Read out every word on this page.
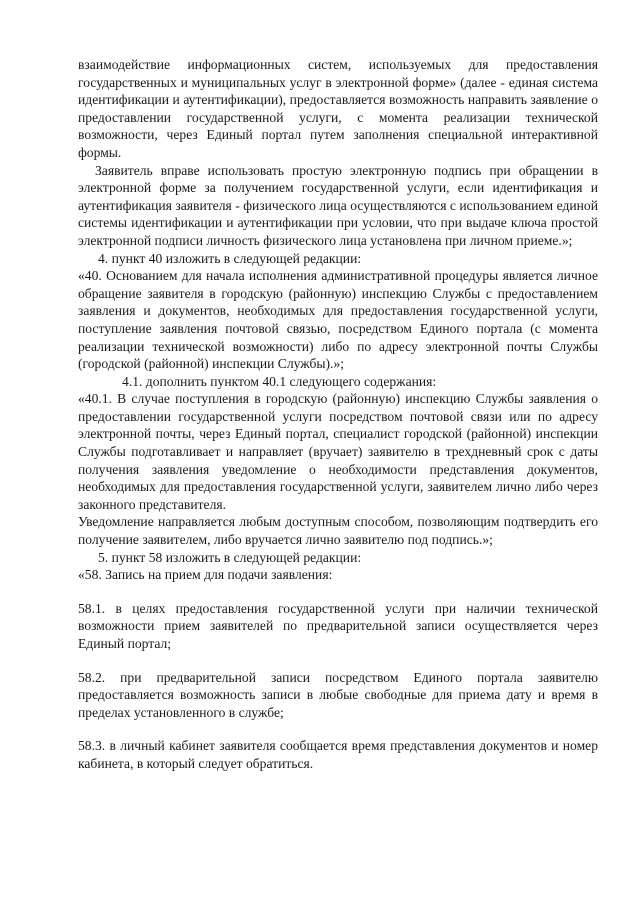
взаимодействие информационных систем, используемых для предоставления государственных и муниципальных услуг в электронной форме» (далее - единая система идентификации и аутентификации), предоставляется возможность направить заявление о предоставлении государственной услуги, с момента реализации технической возможности, через Единый портал путем заполнения специальной интерактивной формы.

Заявитель вправе использовать простую электронную подпись при обращении в электронной форме за получением государственной услуги, если идентификация и аутентификация заявителя - физического лица осуществляются с использованием единой системы идентификации и аутентификации при условии, что при выдаче ключа простой электронной подписи личность физического лица установлена при личном приеме.»;

4. пункт 40 изложить в следующей редакции:

«40. Основанием для начала исполнения административной процедуры является личное обращение заявителя в городскую (районную) инспекцию Службы с предоставлением заявления и документов, необходимых для предоставления государственной услуги, поступление заявления почтовой связью, посредством Единого портала (с момента реализации технической возможности) либо по адресу электронной почты Службы (городской (районной) инспекции Службы).»;

4.1. дополнить пунктом 40.1 следующего содержания:

«40.1. В случае поступления в городскую (районную) инспекцию Службы заявления о предоставлении государственной услуги посредством почтовой связи или по адресу электронной почты, через Единый портал, специалист городской (районной) инспекции Службы подготавливает и направляет (вручает) заявителю в трехдневный срок с даты получения заявления уведомление о необходимости представления документов, необходимых для предоставления государственной услуги, заявителем лично либо через законного представителя.

Уведомление направляется любым доступным способом, позволяющим подтвердить его получение заявителем, либо вручается лично заявителю под подпись.»;

5. пункт 58 изложить в следующей редакции:

«58. Запись на прием для подачи заявления:

58.1. в целях предоставления государственной услуги при наличии технической возможности прием заявителей по предварительной записи осуществляется через Единый портал;

58.2. при предварительной записи посредством Единого портала заявителю предоставляется возможность записи в любые свободные для приема дату и время в пределах установленного в службе;

58.3. в личный кабинет заявителя сообщается время представления документов и номер кабинета, в который следует обратиться.
